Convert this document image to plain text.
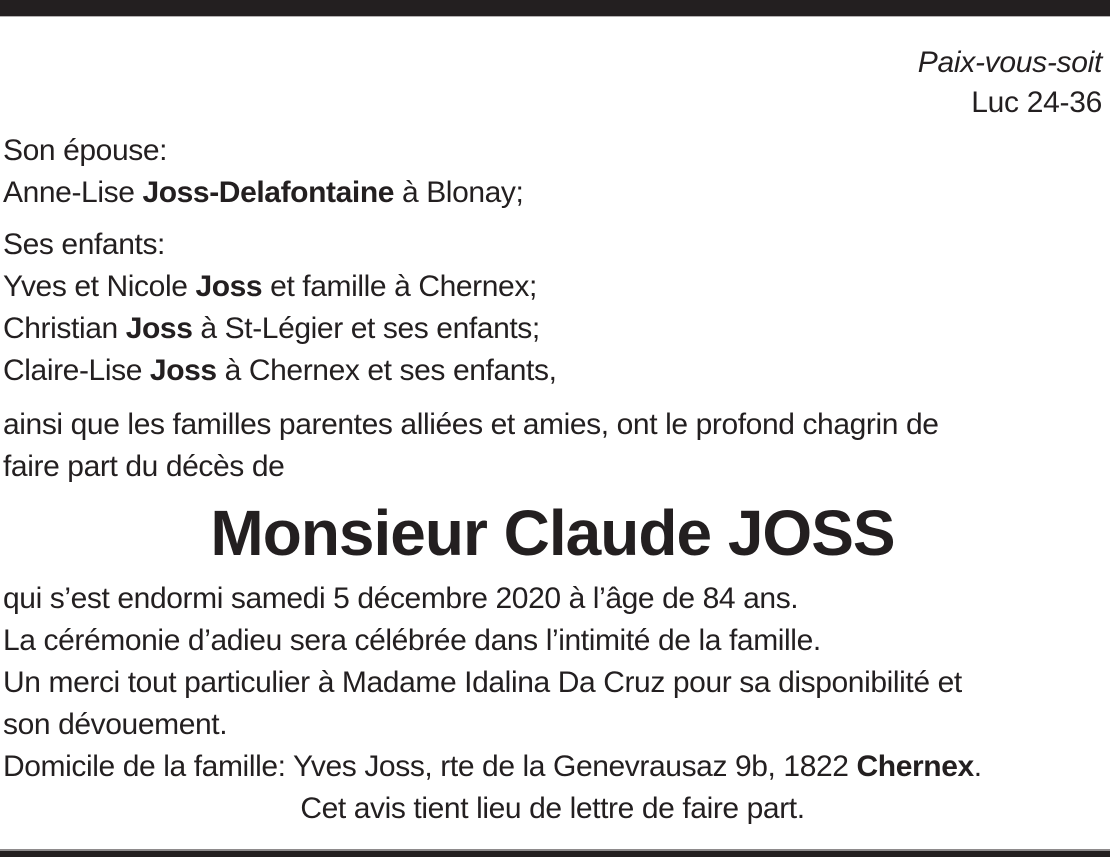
Paix-vous-soit
Luc 24-36

Son épouse:

Anne-Lise Joss-Delafontaine à Blonay;

Ses enfants:

Yves et Nicole Joss et famille à Chernex;

Christian Joss à St-Légier et ses enfants;

Claire-Lise Joss à Chernex et ses enfants,

ainsi que les familles parentes alliées et amies, ont le profond chagrin de

faire part du décès de

Monsieur Claude JOSS

qui s’est endormi samedi 5 décembre 2020 à l’âge de 84 ans.

La cérémonie d’adieu sera célébrée dans l’intimité de la famille.

Un merci tout particulier à Madame Idalina Da Cruz pour sa disponibilité et

son dévouement.

Domicile de la famille: Yves Joss, rte de la Genevrausaz 9b, 1822 Chernex.

Cet avis tient lieu de lettre de faire part.
